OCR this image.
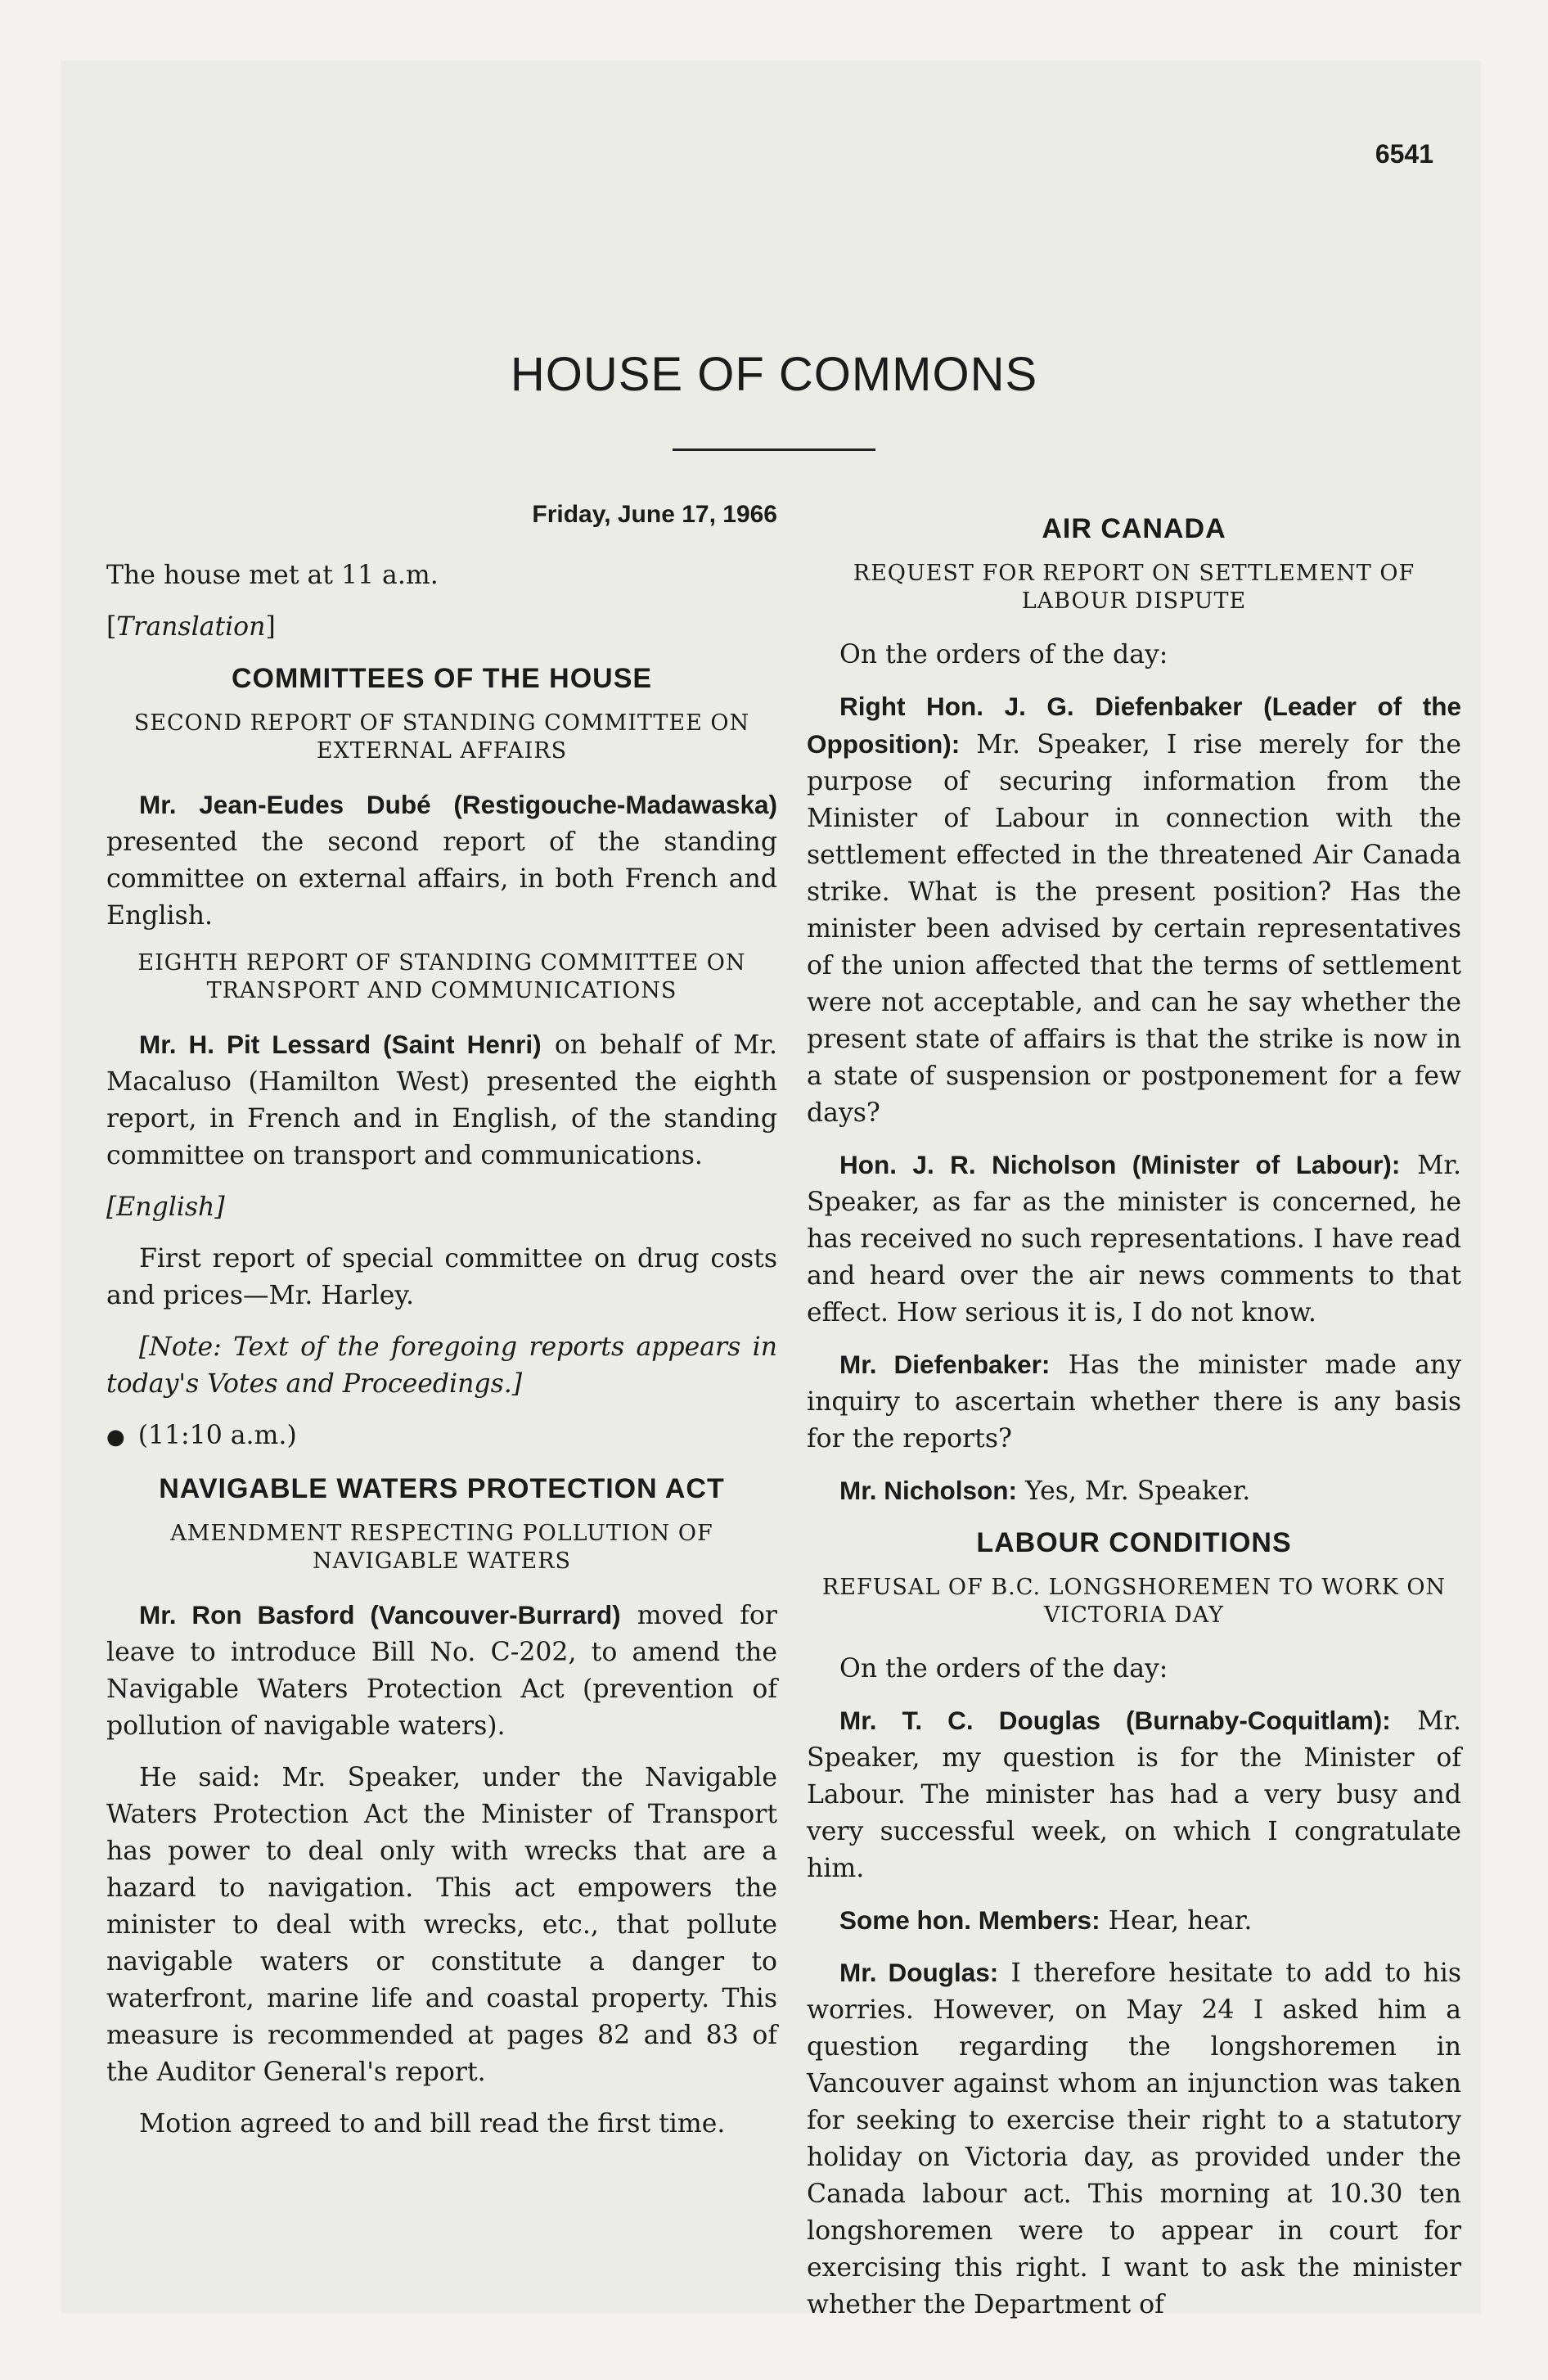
6541
HOUSE OF COMMONS
Friday, June 17, 1966

The house met at 11 a.m.

[Translation]

COMMITTEES OF THE HOUSE
SECOND REPORT OF STANDING COMMITTEE ON EXTERNAL AFFAIRS

Mr. Jean-Eudes Dubé (Restigouche-Madawaska) presented the second report of the standing committee on external affairs, in both French and English.

EIGHTH REPORT OF STANDING COMMITTEE ON TRANSPORT AND COMMUNICATIONS

Mr. H. Pit Lessard (Saint Henri) on behalf of Mr. Macaluso (Hamilton West) presented the eighth report, in French and in English, of the standing committee on transport and communications.

[English]

First report of special committee on drug costs and prices—Mr. Harley.

[Note: Text of the foregoing reports appears in today's Votes and Proceedings.]

● (11:10 a.m.)

NAVIGABLE WATERS PROTECTION ACT
AMENDMENT RESPECTING POLLUTION OF NAVIGABLE WATERS

Mr. Ron Basford (Vancouver-Burrard) moved for leave to introduce Bill No. C-202, to amend the Navigable Waters Protection Act (prevention of pollution of navigable waters).

He said: Mr. Speaker, under the Navigable Waters Protection Act the Minister of Transport has power to deal only with wrecks that are a hazard to navigation. This act empowers the minister to deal with wrecks, etc., that pollute navigable waters or constitute a danger to waterfront, marine life and coastal property. This measure is recommended at pages 82 and 83 of the Auditor General's report.

Motion agreed to and bill read the first time.

AIR CANADA
REQUEST FOR REPORT ON SETTLEMENT OF LABOUR DISPUTE

On the orders of the day:

Right Hon. J. G. Diefenbaker (Leader of the Opposition): Mr. Speaker, I rise merely for the purpose of securing information from the Minister of Labour in connection with the settlement effected in the threatened Air Canada strike. What is the present position? Has the minister been advised by certain representatives of the union affected that the terms of settlement were not acceptable, and can he say whether the present state of affairs is that the strike is now in a state of suspension or postponement for a few days?

Hon. J. R. Nicholson (Minister of Labour): Mr. Speaker, as far as the minister is concerned, he has received no such representations. I have read and heard over the air news comments to that effect. How serious it is, I do not know.

Mr. Diefenbaker: Has the minister made any inquiry to ascertain whether there is any basis for the reports?

Mr. Nicholson: Yes, Mr. Speaker.

LABOUR CONDITIONS
REFUSAL OF B.C. LONGSHOREMEN TO WORK ON VICTORIA DAY

On the orders of the day:

Mr. T. C. Douglas (Burnaby-Coquitlam): Mr. Speaker, my question is for the Minister of Labour. The minister has had a very busy and very successful week, on which I congratulate him.

Some hon. Members: Hear, hear.

Mr. Douglas: I therefore hesitate to add to his worries. However, on May 24 I asked him a question regarding the longshoremen in Vancouver against whom an injunction was taken for seeking to exercise their right to a statutory holiday on Victoria day, as provided under the Canada labour act. This morning at 10.30 ten longshoremen were to appear in court for exercising this right. I want to ask the minister whether the Department of
